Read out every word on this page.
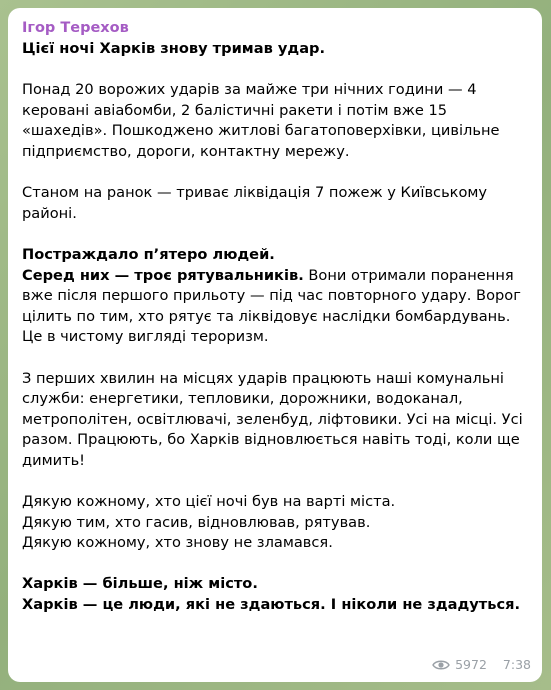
Ігор Терехов

Цієї ночі Харків знову тримав удар.

Понад 20 ворожих ударів за майже три нічних години — 4 керовані авіабомби, 2 балістичні ракети і потім вже 15 «шахедів». Пошкоджено житлові багатоповерхівки, цивільне підприємство, дороги, контактну мережу.

Станом на ранок — триває ліквідація 7 пожеж у Київському районі.

Постраждало п’ятеро людей.
Серед них — троє рятувальників. Вони отримали поранення вже після першого прильоту — під час повторного удару. Ворог цілить по тим, хто рятує та ліквідовує наслідки бомбардувань. Це в чистому вигляді тероризм.

З перших хвилин на місцях ударів працюють наші комунальні служби: енергетики, тепловики, дорожники, водоканал, метрополітен, освітлювачі, зеленбуд, ліфтовики. Усі на місці. Усі разом. Працюють, бо Харків відновлюється навіть тоді, коли ще димить!

Дякую кожному, хто цієї ночі був на варті міста.

Дякую тим, хто гасив, відновлював, рятував.

Дякую кожному, хто знову не зламався.

Харків — більше, ніж місто.

Харків — це люди, які не здаються. І ніколи не здадуться.

5972 7:38
